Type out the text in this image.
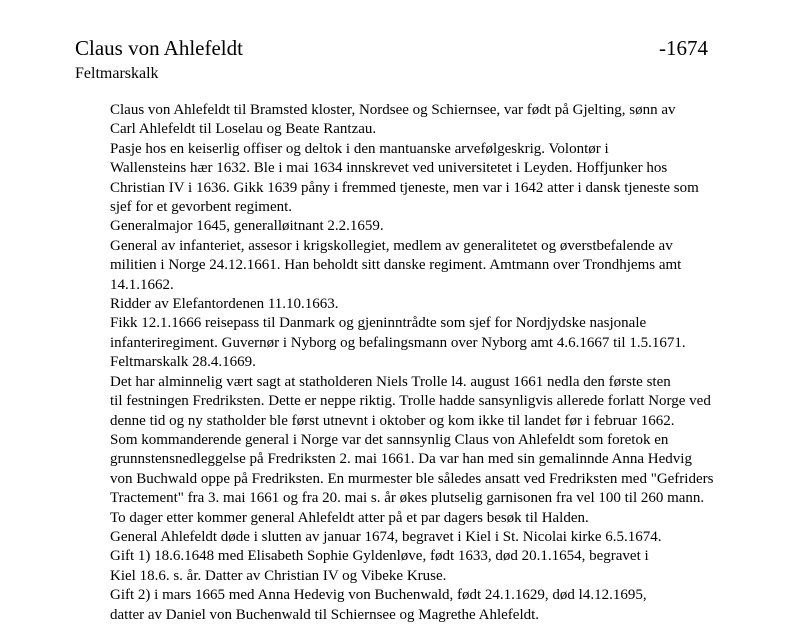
Claus von Ahlefeldt	-1674
Feltmarskalk

Claus von Ahlefeldt til Bramsted kloster, Nordsee og Schiernsee, var født på Gjelting, sønn av
Carl Ahlefeldt til Loselau og Beate Rantzau.

Pasje hos en keiserlig offiser og deltok i den mantuanske arvefølgeskrig. Volontør i
Wallensteins hær 1632. Ble i mai 1634 innskrevet ved universitetet i Leyden. Hoffjunker hos
Christian IV i 1636. Gikk 1639 påny i fremmed tjeneste, men var i 1642 atter i dansk tjeneste som
sjef for et gevorbent regiment.

Generalmajor 1645, generalløitnant 2.2.1659.

General av infanteriet, assesor i krigskollegiet, medlem av generalitetet og øverstbefalende av
militien i Norge 24.12.1661. Han beholdt sitt danske regiment. Amtmann over Trondhjems amt
14.1.1662.

Ridder av Elefantordenen 11.10.1663.

Fikk 12.1.1666 reisepass til Danmark og gjeninntrådte som sjef for Nordjydske nasjonale
infanteriregiment. Guvernør i Nyborg og befalingsmann over Nyborg amt 4.6.1667 til 1.5.1671.
Feltmarskalk 28.4.1669.

Det har alminnelig vært sagt at statholderen Niels Trolle l4. august 1661 nedla den første sten
til festningen Fredriksten. Dette er neppe riktig. Trolle hadde sansynligvis allerede forlatt Norge ved
denne tid og ny statholder ble først utnevnt i oktober og kom ikke til landet før i februar 1662.

Som kommanderende general i Norge var det sannsynlig Claus von Ahlefeldt som foretok en
grunnstensnedleggelse på Fredriksten 2. mai 1661. Da var han med sin gemalinnde Anna Hedvig
von Buchwald oppe på Fredriksten. En murmester ble således ansatt ved Fredriksten med "Gefriders
Tractement" fra 3. mai 1661 og fra 20. mai s. år økes plutselig garnisonen fra vel 100 til 260 mann.
To dager etter kommer general Ahlefeldt atter på et par dagers besøk til Halden.

General Ahlefeldt døde i slutten av januar 1674, begravet i Kiel i St. Nicolai kirke 6.5.1674.

Gift 1) 18.6.1648 med Elisabeth Sophie Gyldenløve, født 1633, død 20.1.1654, begravet i
Kiel 18.6. s. år. Datter av Christian IV og Vibeke Kruse.

Gift 2) i mars 1665 med Anna Hedevig von Buchenwald, født 24.1.1629, død l4.12.1695,
datter av Daniel von Buchenwald til Schiernsee og Magrethe Ahlefeldt.
